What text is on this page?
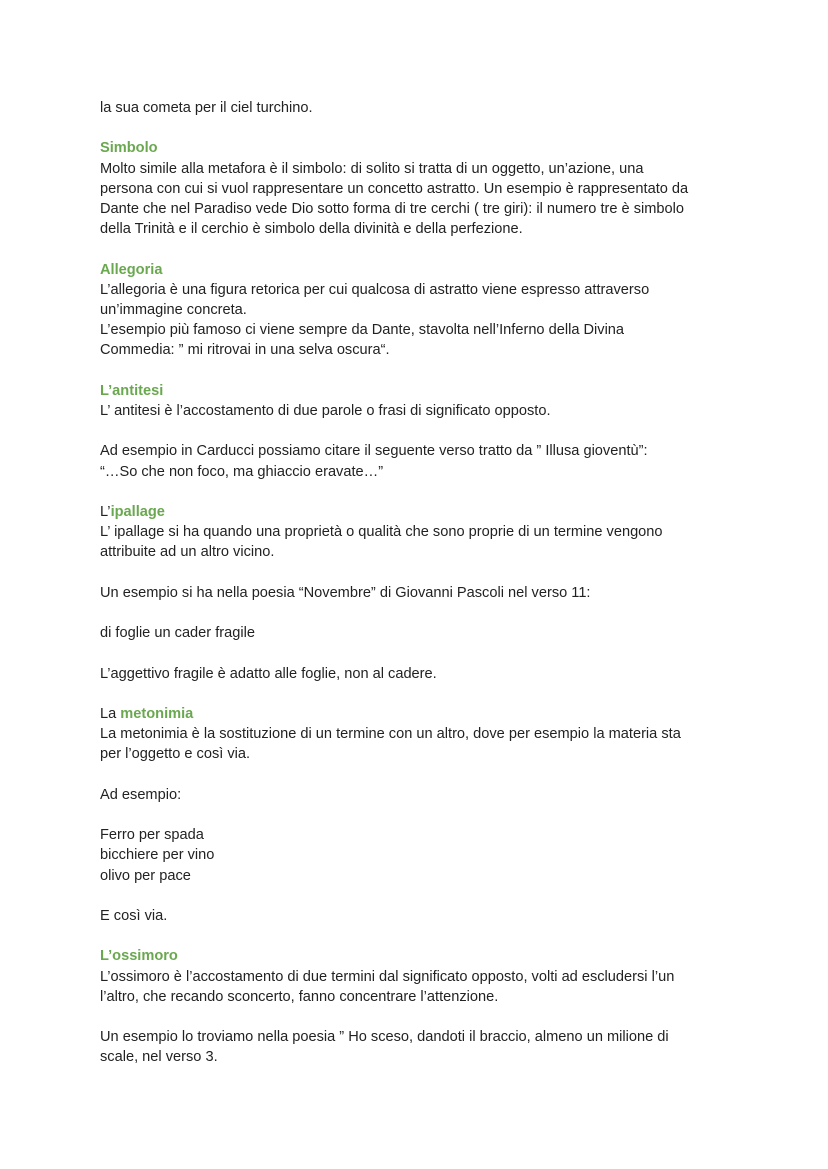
la sua cometa per il ciel turchino.
Simbolo
Molto simile alla metafora è il simbolo: di solito si tratta di un oggetto, un’azione, una
persona con cui si vuol rappresentare un concetto astratto. Un esempio è rappresentato da
Dante che nel Paradiso vede Dio sotto forma di tre cerchi ( tre giri): il numero tre è simbolo
della Trinità e il cerchio è simbolo della divinità e della perfezione.
Allegoria
L’allegoria è una figura retorica per cui qualcosa di astratto viene espresso attraverso
un’immagine concreta.
L’esempio più famoso ci viene sempre da Dante, stavolta nell’Inferno della Divina
Commedia: ” mi ritrovai in una selva oscura“.
L’antitesi
L’ antitesi è l’accostamento di due parole o frasi di significato opposto.
Ad esempio in Carducci possiamo citare il seguente verso tratto da ” Illusa gioventù”:
“…So che non foco, ma ghiaccio eravate…”
L’ipallage
L’ ipallage si ha quando una proprietà o qualità che sono proprie di un termine vengono
attribuite ad un altro vicino.
Un esempio si ha nella poesia “Novembre” di Giovanni Pascoli nel verso 11:
di foglie un cader fragile
L’aggettivo fragile è adatto alle foglie, non al cadere.
La metonimia
La metonimia è la sostituzione di un termine con un altro, dove per esempio la materia sta
per l’oggetto e così via.
Ad esempio:
Ferro per spada
bicchiere per vino
olivo per pace
E così via.
L’ossimoro
L’ossimoro è l’accostamento di due termini dal significato opposto, volti ad escludersi l’un
l’altro, che recando sconcerto, fanno concentrare l’attenzione.
Un esempio lo troviamo nella poesia ” Ho sceso, dandoti il braccio, almeno un milione di
scale, nel verso 3.
